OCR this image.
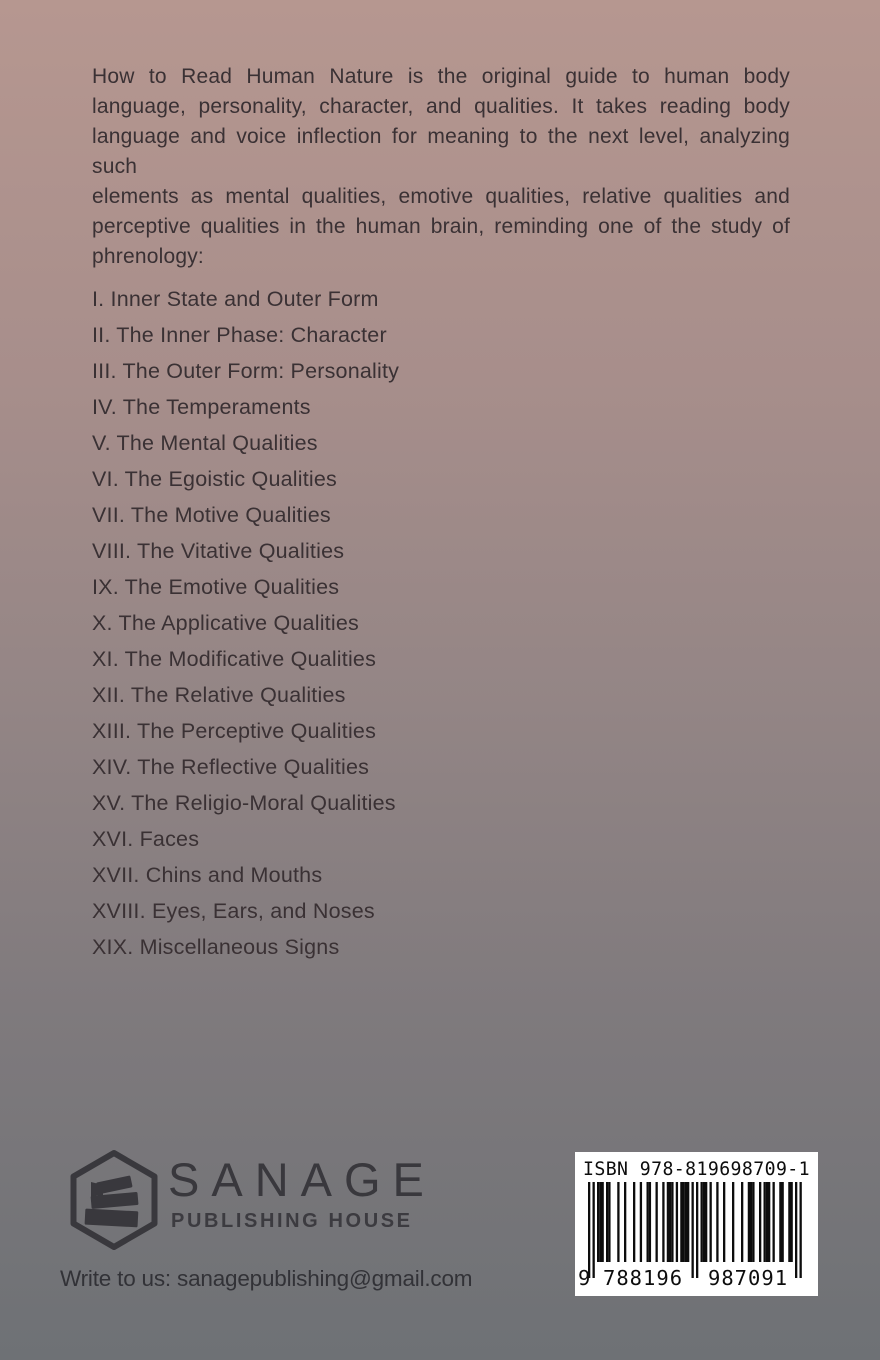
How to Read Human Nature is the original guide to human body
language, personality, character, and qualities. It takes reading body
language and voice inflection for meaning to the next level, analyzing such
elements as mental qualities, emotive qualities, relative qualities and
perceptive qualities in the human brain, reminding one of the study of
phrenology:
I. Inner State and Outer Form
II. The Inner Phase: Character
III. The Outer Form: Personality
IV. The Temperaments
V. The Mental Qualities
VI. The Egoistic Qualities
VII. The Motive Qualities
VIII. The Vitative Qualities
IX. The Emotive Qualities
X. The Applicative Qualities
XI. The Modificative Qualities
XII. The Relative Qualities
XIII. The Perceptive Qualities
XIV. The Reflective Qualities
XV. The Religio-Moral Qualities
XVI. Faces
XVII. Chins and Mouths
XVIII. Eyes, Ears, and Noses
XIX. Miscellaneous Signs
SANAGE
PUBLISHING HOUSE
Write to us: sanagepublishing@gmail.com
ISBN 978-819698709-1
9 788196 987091
